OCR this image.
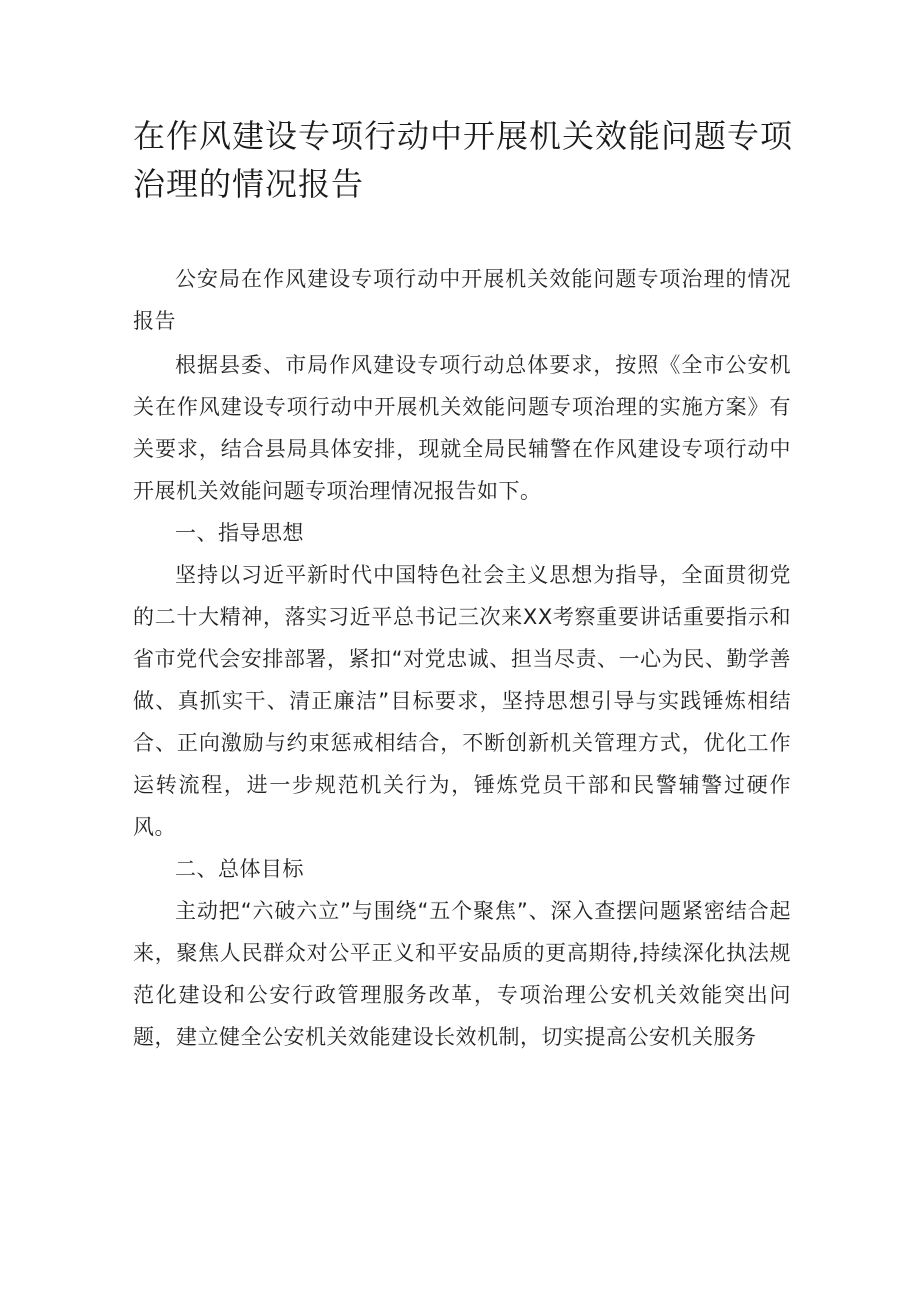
在作风建设专项行动中开展机关效能问题专项治理的情况报告

公安局在作风建设专项行动中开展机关效能问题专项治理的情况报告

根据县委、市局作风建设专项行动总体要求，按照《全市公安机关在作风建设专项行动中开展机关效能问题专项治理的实施方案》有关要求，结合县局具体安排，现就全局民辅警在作风建设专项行动中开展机关效能问题专项治理情况报告如下。

一、指导思想

坚持以习近平新时代中国特色社会主义思想为指导，全面贯彻党的二十大精神，落实习近平总书记三次来XX考察重要讲话重要指示和省市党代会安排部署，紧扣“对党忠诚、担当尽责、一心为民、勤学善做、真抓实干、清正廉洁”目标要求，坚持思想引导与实践锤炼相结合、正向激励与约束惩戒相结合，不断创新机关管理方式，优化工作运转流程，进一步规范机关行为，锤炼党员干部和民警辅警过硬作风。

二、总体目标

主动把“六破六立”与围绕“五个聚焦”、深入查摆问题紧密结合起来，聚焦人民群众对公平正义和平安品质的更高期待,持续深化执法规范化建设和公安行政管理服务改革，专项治理公安机关效能突出问题，建立健全公安机关效能建设长效机制，切实提高公安机关服务
